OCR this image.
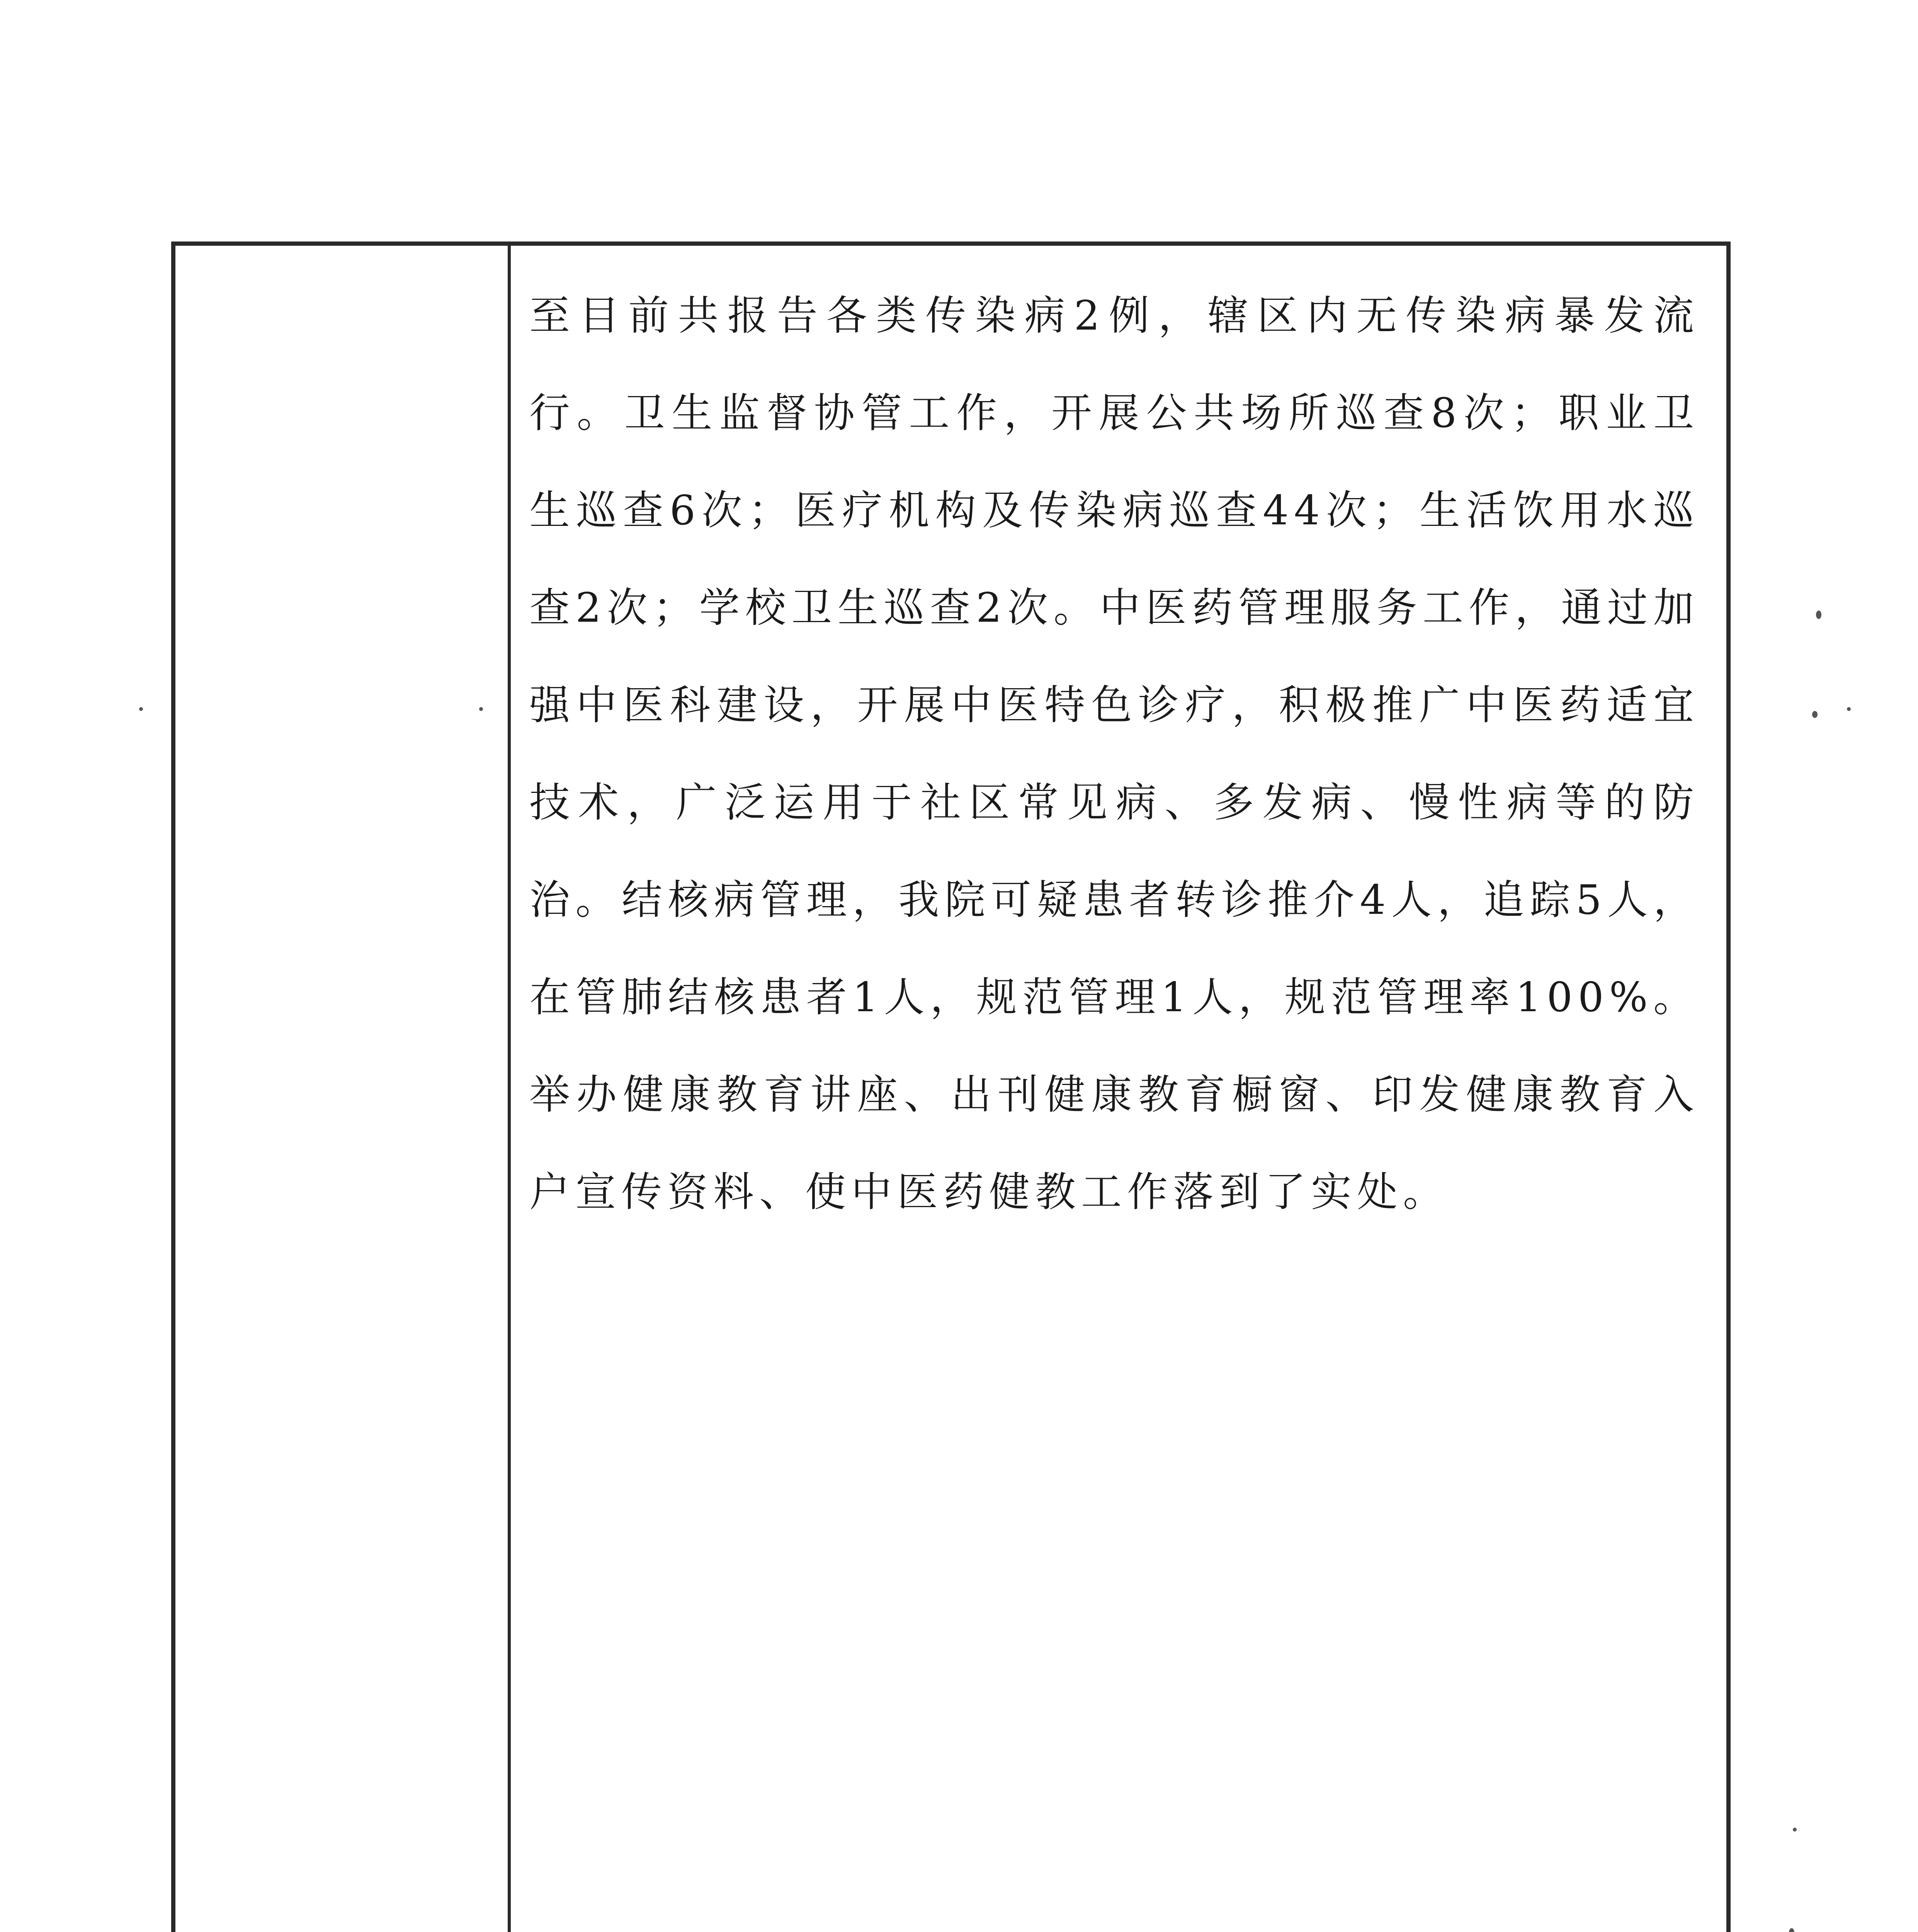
至目前共报告各类传染病2例，辖区内无传染病暴发流行。卫生监督协管工作，开展公共场所巡查8次；职业卫生巡查6次；医疗机构及传染病巡查44次；生活饮用水巡查2次；学校卫生巡查2次。中医药管理服务工作，通过加强中医科建设，开展中医特色诊疗，积极推广中医药适宜技术，广泛运用于社区常见病、多发病、慢性病等的防治。结核病管理，我院可疑患者转诊推介4人，追踪5人，在管肺结核患者1人，规范管理1人，规范管理率100%。举办健康教育讲座、出刊健康教育橱窗、印发健康教育入户宣传资料、使中医药健教工作落到了实处。
